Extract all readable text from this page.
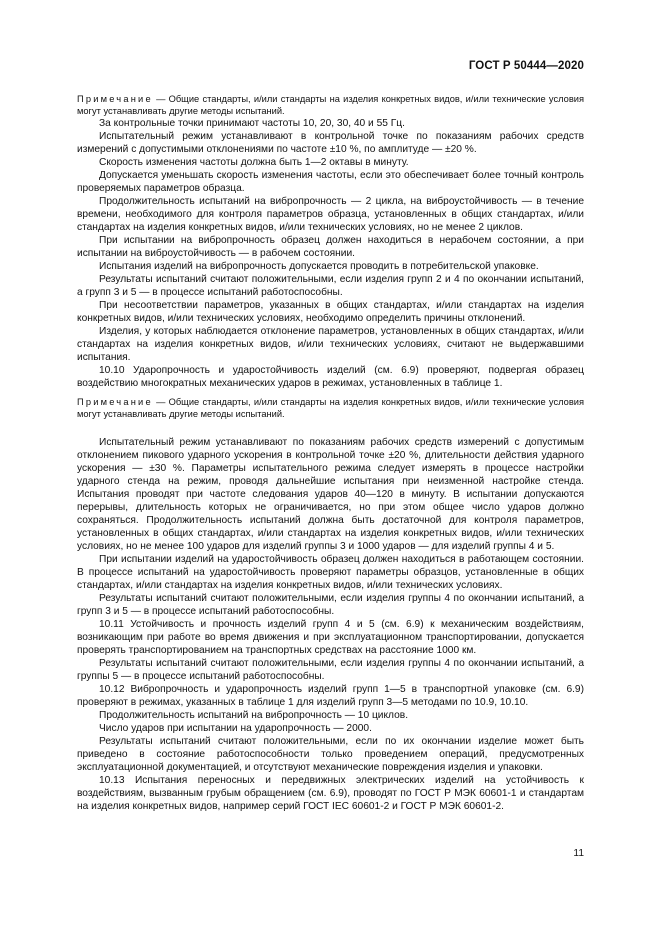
ГОСТ Р 50444—2020

Примечание — Общие стандарты, и/или стандарты на изделия конкретных видов, и/или технические условия могут устанавливать другие методы испытаний.

За контрольные точки принимают частоты 10, 20, 30, 40 и 55 Гц.

Испытательный режим устанавливают в контрольной точке по показаниям рабочих средств измерений с допустимыми отклонениями по частоте ±10 %, по амплитуде — ±20 %.

Скорость изменения частоты должна быть 1—2 октавы в минуту.

Допускается уменьшать скорость изменения частоты, если это обеспечивает более точный контроль проверяемых параметров образца.

Продолжительность испытаний на вибропрочность — 2 цикла, на виброустойчивость — в течение времени, необходимого для контроля параметров образца, установленных в общих стандартах, и/или стандартах на изделия конкретных видов, и/или технических условиях, но не менее 2 циклов.

При испытании на вибропрочность образец должен находиться в нерабочем состоянии, а при испытании на виброустойчивость — в рабочем состоянии.

Испытания изделий на вибропрочность допускается проводить в потребительской упаковке.

Результаты испытаний считают положительными, если изделия групп 2 и 4 по окончании испытаний, а групп 3 и 5 — в процессе испытаний работоспособны.

При несоответствии параметров, указанных в общих стандартах, и/или стандартах на изделия конкретных видов, и/или технических условиях, необходимо определить причины отклонений.

Изделия, у которых наблюдается отклонение параметров, установленных в общих стандартах, и/или стандартах на изделия конкретных видов, и/или технических условиях, считают не выдержавшими испытания.

10.10 Ударопрочность и ударостойчивость изделий (см. 6.9) проверяют, подвергая образец воздействию многократных механических ударов в режимах, установленных в таблице 1.

Примечание — Общие стандарты, и/или стандарты на изделия конкретных видов, и/или технические условия могут устанавливать другие методы испытаний.

Испытательный режим устанавливают по показаниям рабочих средств измерений с допустимым отклонением пикового ударного ускорения в контрольной точке ±20 %, длительности действия ударного ускорения — ±30 %. Параметры испытательного режима следует измерять в процессе настройки ударного стенда на режим, проводя дальнейшие испытания при неизменной настройке стенда. Испытания проводят при частоте следования ударов 40—120 в минуту. В испытании допускаются перерывы, длительность которых не ограничивается, но при этом общее число ударов должно сохраняться. Продолжительность испытаний должна быть достаточной для контроля параметров, установленных в общих стандартах, и/или стандартах на изделия конкретных видов, и/или технических условиях, но не менее 100 ударов для изделий группы 3 и 1000 ударов — для изделий группы 4 и 5.

При испытании изделий на ударостойчивость образец должен находиться в работающем состоянии. В процессе испытаний на ударостойчивость проверяют параметры образцов, установленные в общих стандартах, и/или стандартах на изделия конкретных видов, и/или технических условиях.

Результаты испытаний считают положительными, если изделия группы 4 по окончании испытаний, а групп 3 и 5 — в процессе испытаний работоспособны.

10.11 Устойчивость и прочность изделий групп 4 и 5 (см. 6.9) к механическим воздействиям, возникающим при работе во время движения и при эксплуатационном транспортировании, допускается проверять транспортированием на транспортных средствах на расстояние 1000 км.

Результаты испытаний считают положительными, если изделия группы 4 по окончании испытаний, а группы 5 — в процессе испытаний работоспособны.

10.12 Вибропрочность и ударопрочность изделий групп 1—5 в транспортной упаковке (см. 6.9) проверяют в режимах, указанных в таблице 1 для изделий групп 3—5 методами по 10.9, 10.10.

Продолжительность испытаний на вибропрочность — 10 циклов.

Число ударов при испытании на ударопрочность — 2000.

Результаты испытаний считают положительными, если по их окончании изделие может быть приведено в состояние работоспособности только проведением операций, предусмотренных эксплуатационной документацией, и отсутствуют механические повреждения изделия и упаковки.

10.13 Испытания переносных и передвижных электрических изделий на устойчивость к воздействиям, вызванным грубым обращением (см. 6.9), проводят по ГОСТ Р МЭК 60601-1 и стандартам на изделия конкретных видов, например серий ГОСТ IEC 60601-2 и ГОСТ Р МЭК 60601-2.

11
